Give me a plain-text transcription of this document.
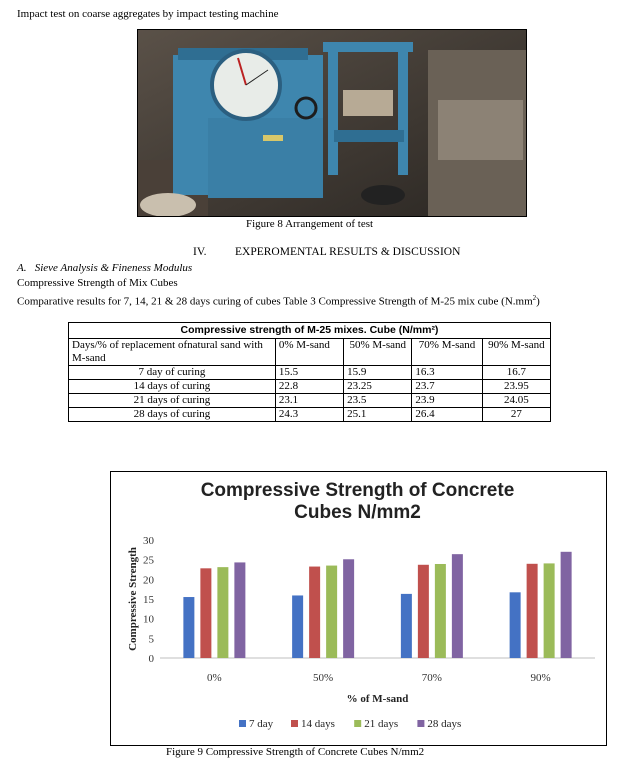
Impact test on coarse aggregates by impact testing machine
Figure 8 Arrangement of test
IV. EXPEROMENTAL RESULTS & DISCUSSION
A.   Sieve Analysis & Fineness Modulus
Compressive Strength of Mix Cubes
Comparative results for 7, 14, 21 & 28 days curing of cubes Table 3 Compressive Strength of M-25 mix cube $(N.mm^2)$
Compressive strength of M-25 mixes. Cube (N/mm²)				
Days/% of replacement ofnatural sand with M-sand	0% M-sand	50% M-sand	70% M-sand	90% M-sand
7 day of curing	15.5	15.9	16.3	16.7
14 days of curing	22.8	23.25	23.7	23.95
21 days of curing	23.1	23.5	23.9	24.05
28 days of curing	24.3	25.1	26.4	27
Compressive Strength of Concrete
Cubes N/mm2
0
5
10
15
20
25
30
Compressive Strength
0%	50%	70%	90%
% of M-sand
7 day	14 days	21 days	28 days
Figure 9 Compressive Strength of Concrete Cubes N/mm2
